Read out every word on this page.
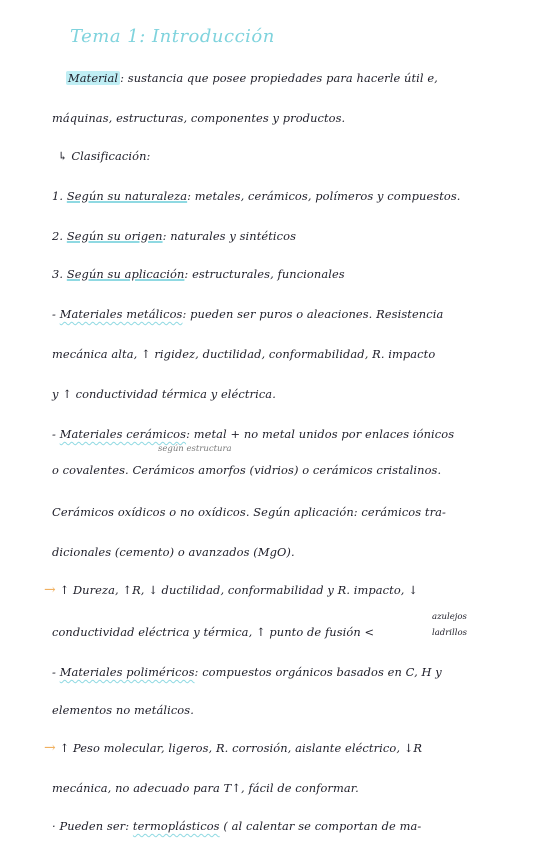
Tema 1: Introducción
Material : sustancia que posee propiedades para hacerle útil e,
máquinas, estructuras, componentes y productos.
↳ Clasificación:
1. Según su naturaleza: metales, cerámicos, polímeros y compuestos.
2. Según su origen: naturales y sintéticos
3. Según su aplicación: estructurales, funcionales
- Materiales metálicos: pueden ser puros o aleaciones. Resistencia
mecánica alta, ↑ rigidez, ductilidad, conformabilidad, R. impacto
y ↑ conductividad térmica y eléctrica.
- Materiales cerámicos: metal + no metal unidos por enlaces iónicos
según estructura
o covalentes. Cerámicos amorfos (vidrios) o cerámicos cristalinos.
Cerámicos oxídicos o no oxídicos. Según aplicación: cerámicos tra-
dicionales (cemento) o avanzados (MgO).
→ ↑ Dureza, ↑R, ↓ ductilidad, conformabilidad y R. impacto, ↓
conductividad eléctrica y térmica, ↑ punto de fusión <
azulejos
ladrillos
- Materiales poliméricos: compuestos orgánicos basados en C, H y
elementos no metálicos.
→ ↑ Peso molecular, ligeros, R. corrosión, aislante eléctrico, ↓R
mecánica, no adecuado para T↑, fácil de conformar.
· Pueden ser: termoplásticos ( al calentar se comportan de ma-
